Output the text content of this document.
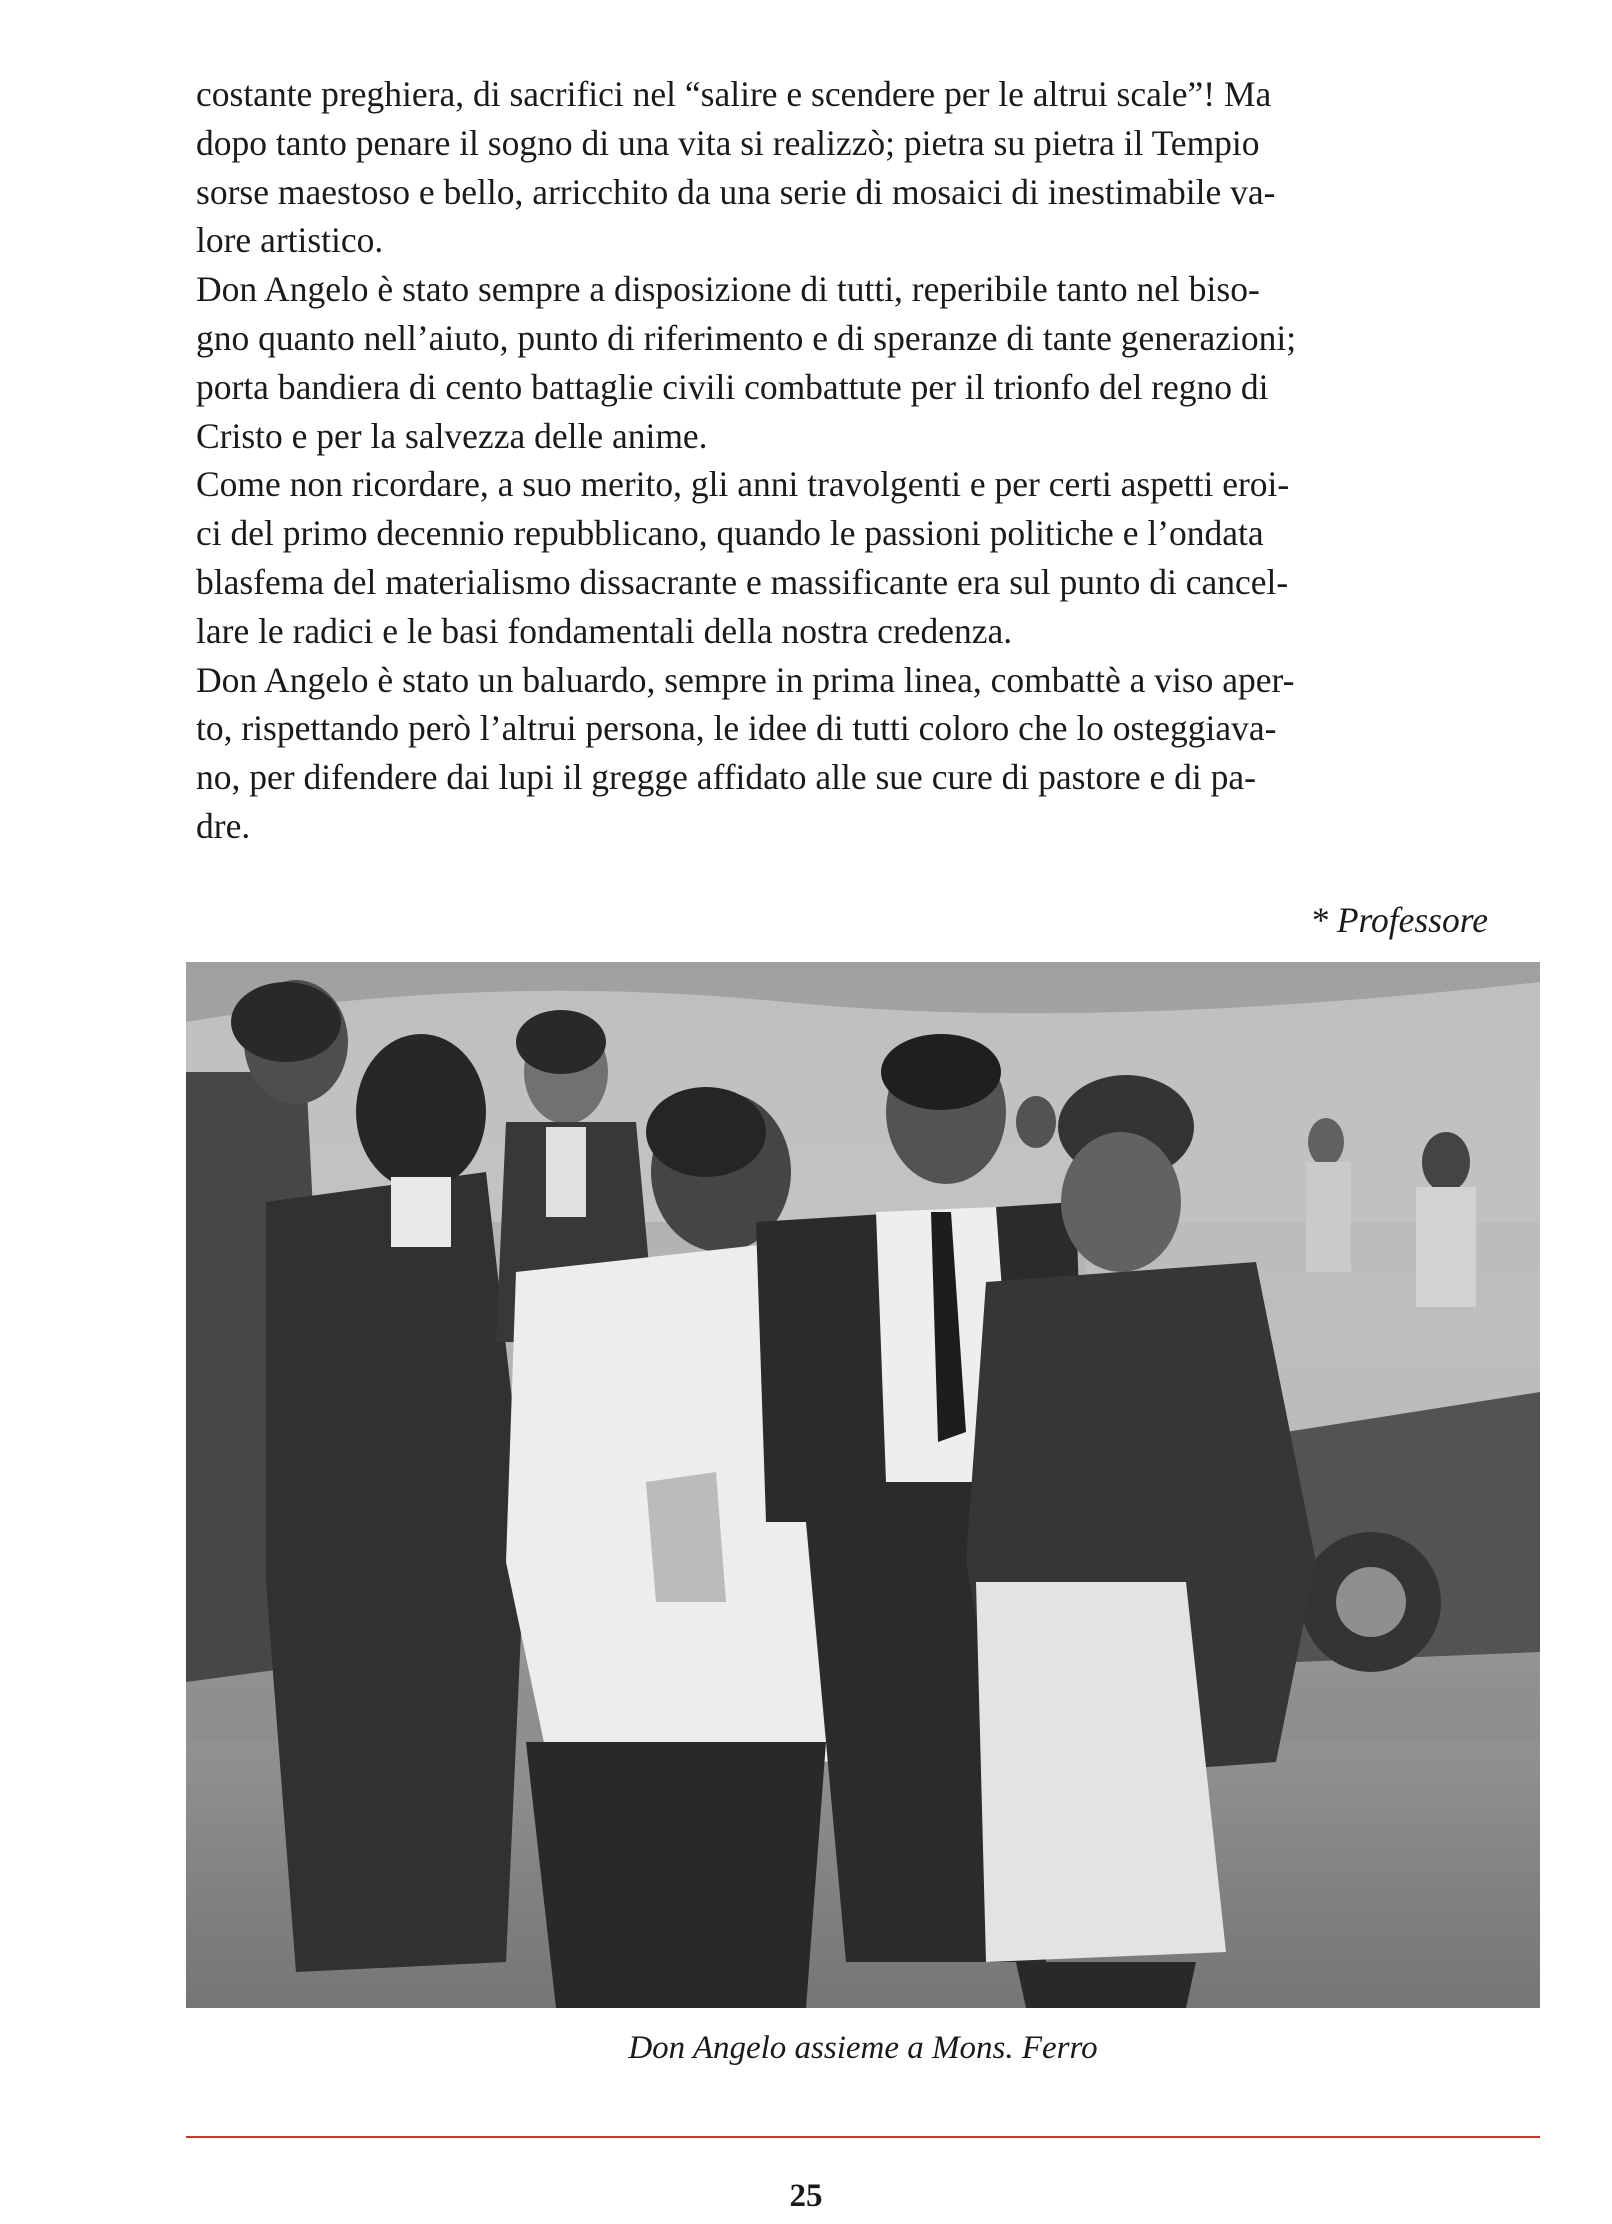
costante preghiera, di sacrifici nel “salire e scendere per le altrui scale”! Ma
dopo tanto penare il sogno di una vita si realizzò; pietra su pietra il Tempio
sorse maestoso e bello, arricchito da una serie di mosaici di inestimabile va-
lore artistico.

Don Angelo è stato sempre a disposizione di tutti, reperibile tanto nel biso-
gno quanto nell’aiuto, punto di riferimento e di speranze di tante generazioni;
porta bandiera di cento battaglie civili combattute per il trionfo del regno di
Cristo e per la salvezza delle anime.

Come non ricordare, a suo merito, gli anni travolgenti e per certi aspetti eroi-
ci del primo decennio repubblicano, quando le passioni politiche e l’ondata
blasfema del materialismo dissacrante e massificante era sul punto di cancel-
lare le radici e le basi fondamentali della nostra credenza.

Don Angelo è stato un baluardo, sempre in prima linea, combattè a viso aper-
to, rispettando però l’altrui persona, le idee di tutti coloro che lo osteggiava-
no, per difendere dai lupi il gregge affidato alle sue cure di pastore e di pa-
dre.

* Professore
Don Angelo assieme a Mons. Ferro
25
